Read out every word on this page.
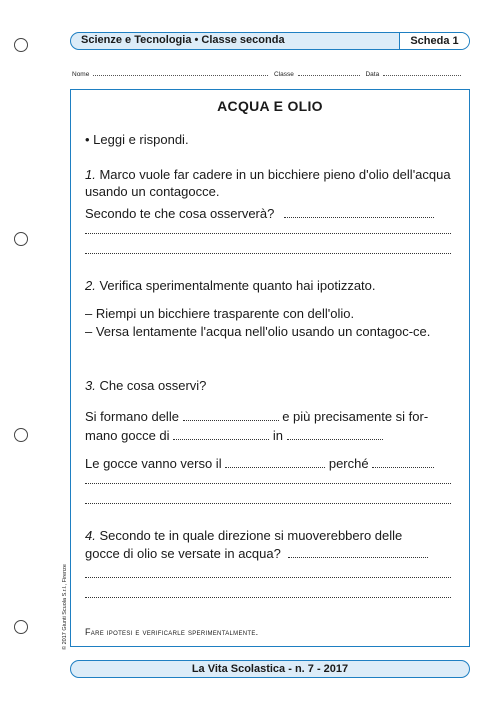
Scienze e Tecnologia • Classe seconda	Scheda 1
Nome	Classe	Data
ACQUA E OLIO
• Leggi e rispondi.
1. Marco vuole far cadere in un bicchiere pieno d'olio dell'acqua usando un contagocce.
Secondo te che cosa osserverà?
2. Verifica sperimentalmente quanto hai ipotizzato.
– Riempi un bicchiere trasparente con dell'olio.
– Versa lentamente l'acqua nell'olio usando un contagoc-ce.
3. Che cosa osservi?
Si formano delle	e più precisamente si for-
mano gocce di	in
Le gocce vanno verso il	perché
4. Secondo te in quale direzione si muoverebbero delle
gocce di olio se versate in acqua?
Fare ipotesi e verificarle sperimentalmente.
© 2017 Giunti Scuola S.r.l., Firenze
La Vita Scolastica - n. 7 - 2017
